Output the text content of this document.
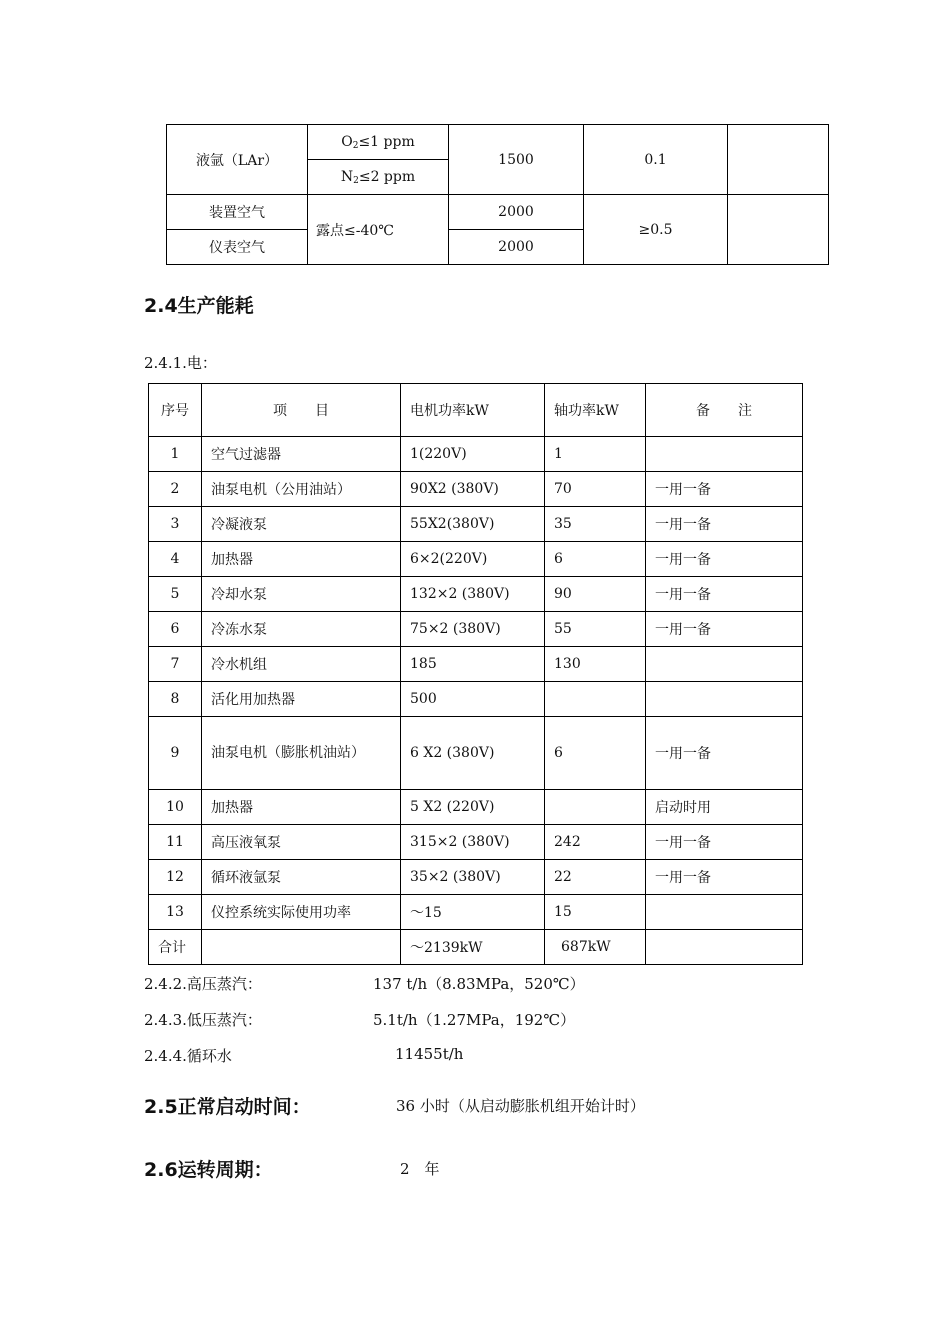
液氩（LAr）	$O_2\le 1$ ppm	1500	0.1	
	$N_2\le 2$ ppm			
装置空气	露点≤-40℃	2000	≥0.5	
仪表空气		2000		
2.4生产能耗
2.4.1.电：
序号	项　　目	电机功率kW	轴功率kW	备　　注
1	空气过滤器	1(220V)	1	
2	油泵电机（公用油站）	90X2 (380V)	70	一用一备
3	冷凝液泵	55X2(380V)	35	一用一备
4	加热器	6×2(220V)	6	一用一备
5	冷却水泵	132×2 (380V)	90	一用一备
6	冷冻水泵	75×2 (380V)	55	一用一备
7	冷水机组	185	130	
8	活化用加热器	500		
9	油泵电机（膨胀机油站）	6 X2 (380V)	6	一用一备
10	加热器	5 X2 (220V)		启动时用
11	高压液氧泵	315×2 (380V)	242	一用一备
12	循环液氩泵	35×2 (380V)	22	一用一备
13	仪控系统实际使用功率	～15	15	
合计		～2139kW	687kW	
2.4.2.高压蒸汽：	137 t/h（8.83MPa，520℃）
2.4.3.低压蒸汽：	5.1t/h（1.27MPa，192℃）
2.4.4.循环水	11455t/h
2.5正常启动时间：	36 小时（从启动膨胀机组开始计时）
2.6运转周期：	2　年
